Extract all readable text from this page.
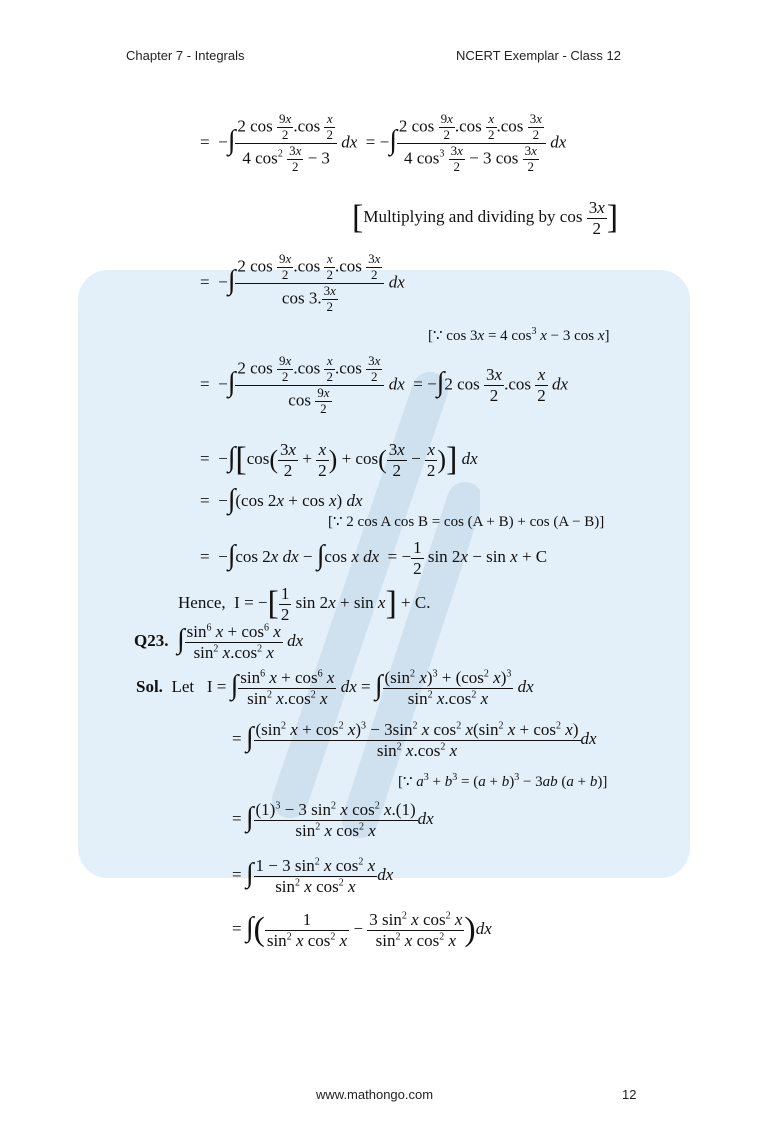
Chapter 7 - Integrals	NCERT Exemplar - Class 12
=  −∫ $\frac{2 \cos \frac{9x}{2} .\cos \frac{x}{2}}{4 \cos^2 \frac{3x}{2} - 3}$ dx  = −∫ $\frac{2 \cos \frac{9x}{2} .\cos \frac{x}{2} .\cos \frac{3x}{2}}{4 \cos^3 \frac{3x}{2} - 3 \cos \frac{3x}{2}}$ dx
[Multiplying and dividing by $\cos \frac{3x}{2}$ ]
=  −∫ $\frac{2 \cos \frac{9x}{2} .\cos \frac{x}{2} .\cos \frac{3x}{2}}{\cos 3. \frac{3x}{2}}$ dx
[∵ cos 3x = 4 $\cos^3 x - 3$ cos x]
=  −∫ $\frac{2 \cos \frac{9x}{2} .\cos \frac{x}{2} .\cos \frac{3x}{2}}{\cos \frac{9x}{2}}$ dx  = −∫2 $\cos \frac{3x}{2} .\cos \frac{x}{2}$ dx
=  $-\int[\cos( \frac{3x}{2} + \frac{x}{2}$ ) + $\cos( \frac{3x}{2} - \frac{x}{2}$ )] dx
=  −∫(cos 2x + cos x) dx
[∵ 2 cos A cos B = cos (A + B) + cos (A − B)]
=  −∫cos 2x dx − ∫cos x dx  = − $\frac{1}{2}$ sin 2x − sin x + C
Hence,  I = −[ $\frac{1}{2}$ sin 2x + sin x] + C.
Q23. ∫ $\frac{\sin^6 x + \cos^6 x}{\sin^2 x.\cos^2 x}$ dx
Sol. Let   I = ∫ $\frac{\sin^6 x + \cos^6 x}{\sin^2 x.\cos^2 x}$ dx = ∫ $\frac{(\sin^2 x)^3 + (\cos^2 x)^3}{\sin^2 x.\cos^2 x}$ dx
= ∫ $\frac{(\sin^2 x + \cos^2 x)^3 - 3\sin^2 x \cos^2 x(\sin^2 x + \cos^2 x)}{\sin^2 x.\cos^2 x}$ dx
[∵ $a^3 + b^3 = (a + b)^3 - 3ab$ (a + b)]
= ∫ $\frac{(1)^3 - 3 \sin^2 x \cos^2 x.(1)}{\sin^2 x \cos^2 x}$ dx
= ∫ $\frac{1 - 3 \sin^2 x \cos^2 x}{\sin^2 x \cos^2 x}$ dx
= ∫( $\frac{1}{\sin^2 x \cos^2 x} - \frac{3 \sin^2 x \cos^2 x}{\sin^2 x \cos^2 x} )dx$
www.mathongo.com	12
